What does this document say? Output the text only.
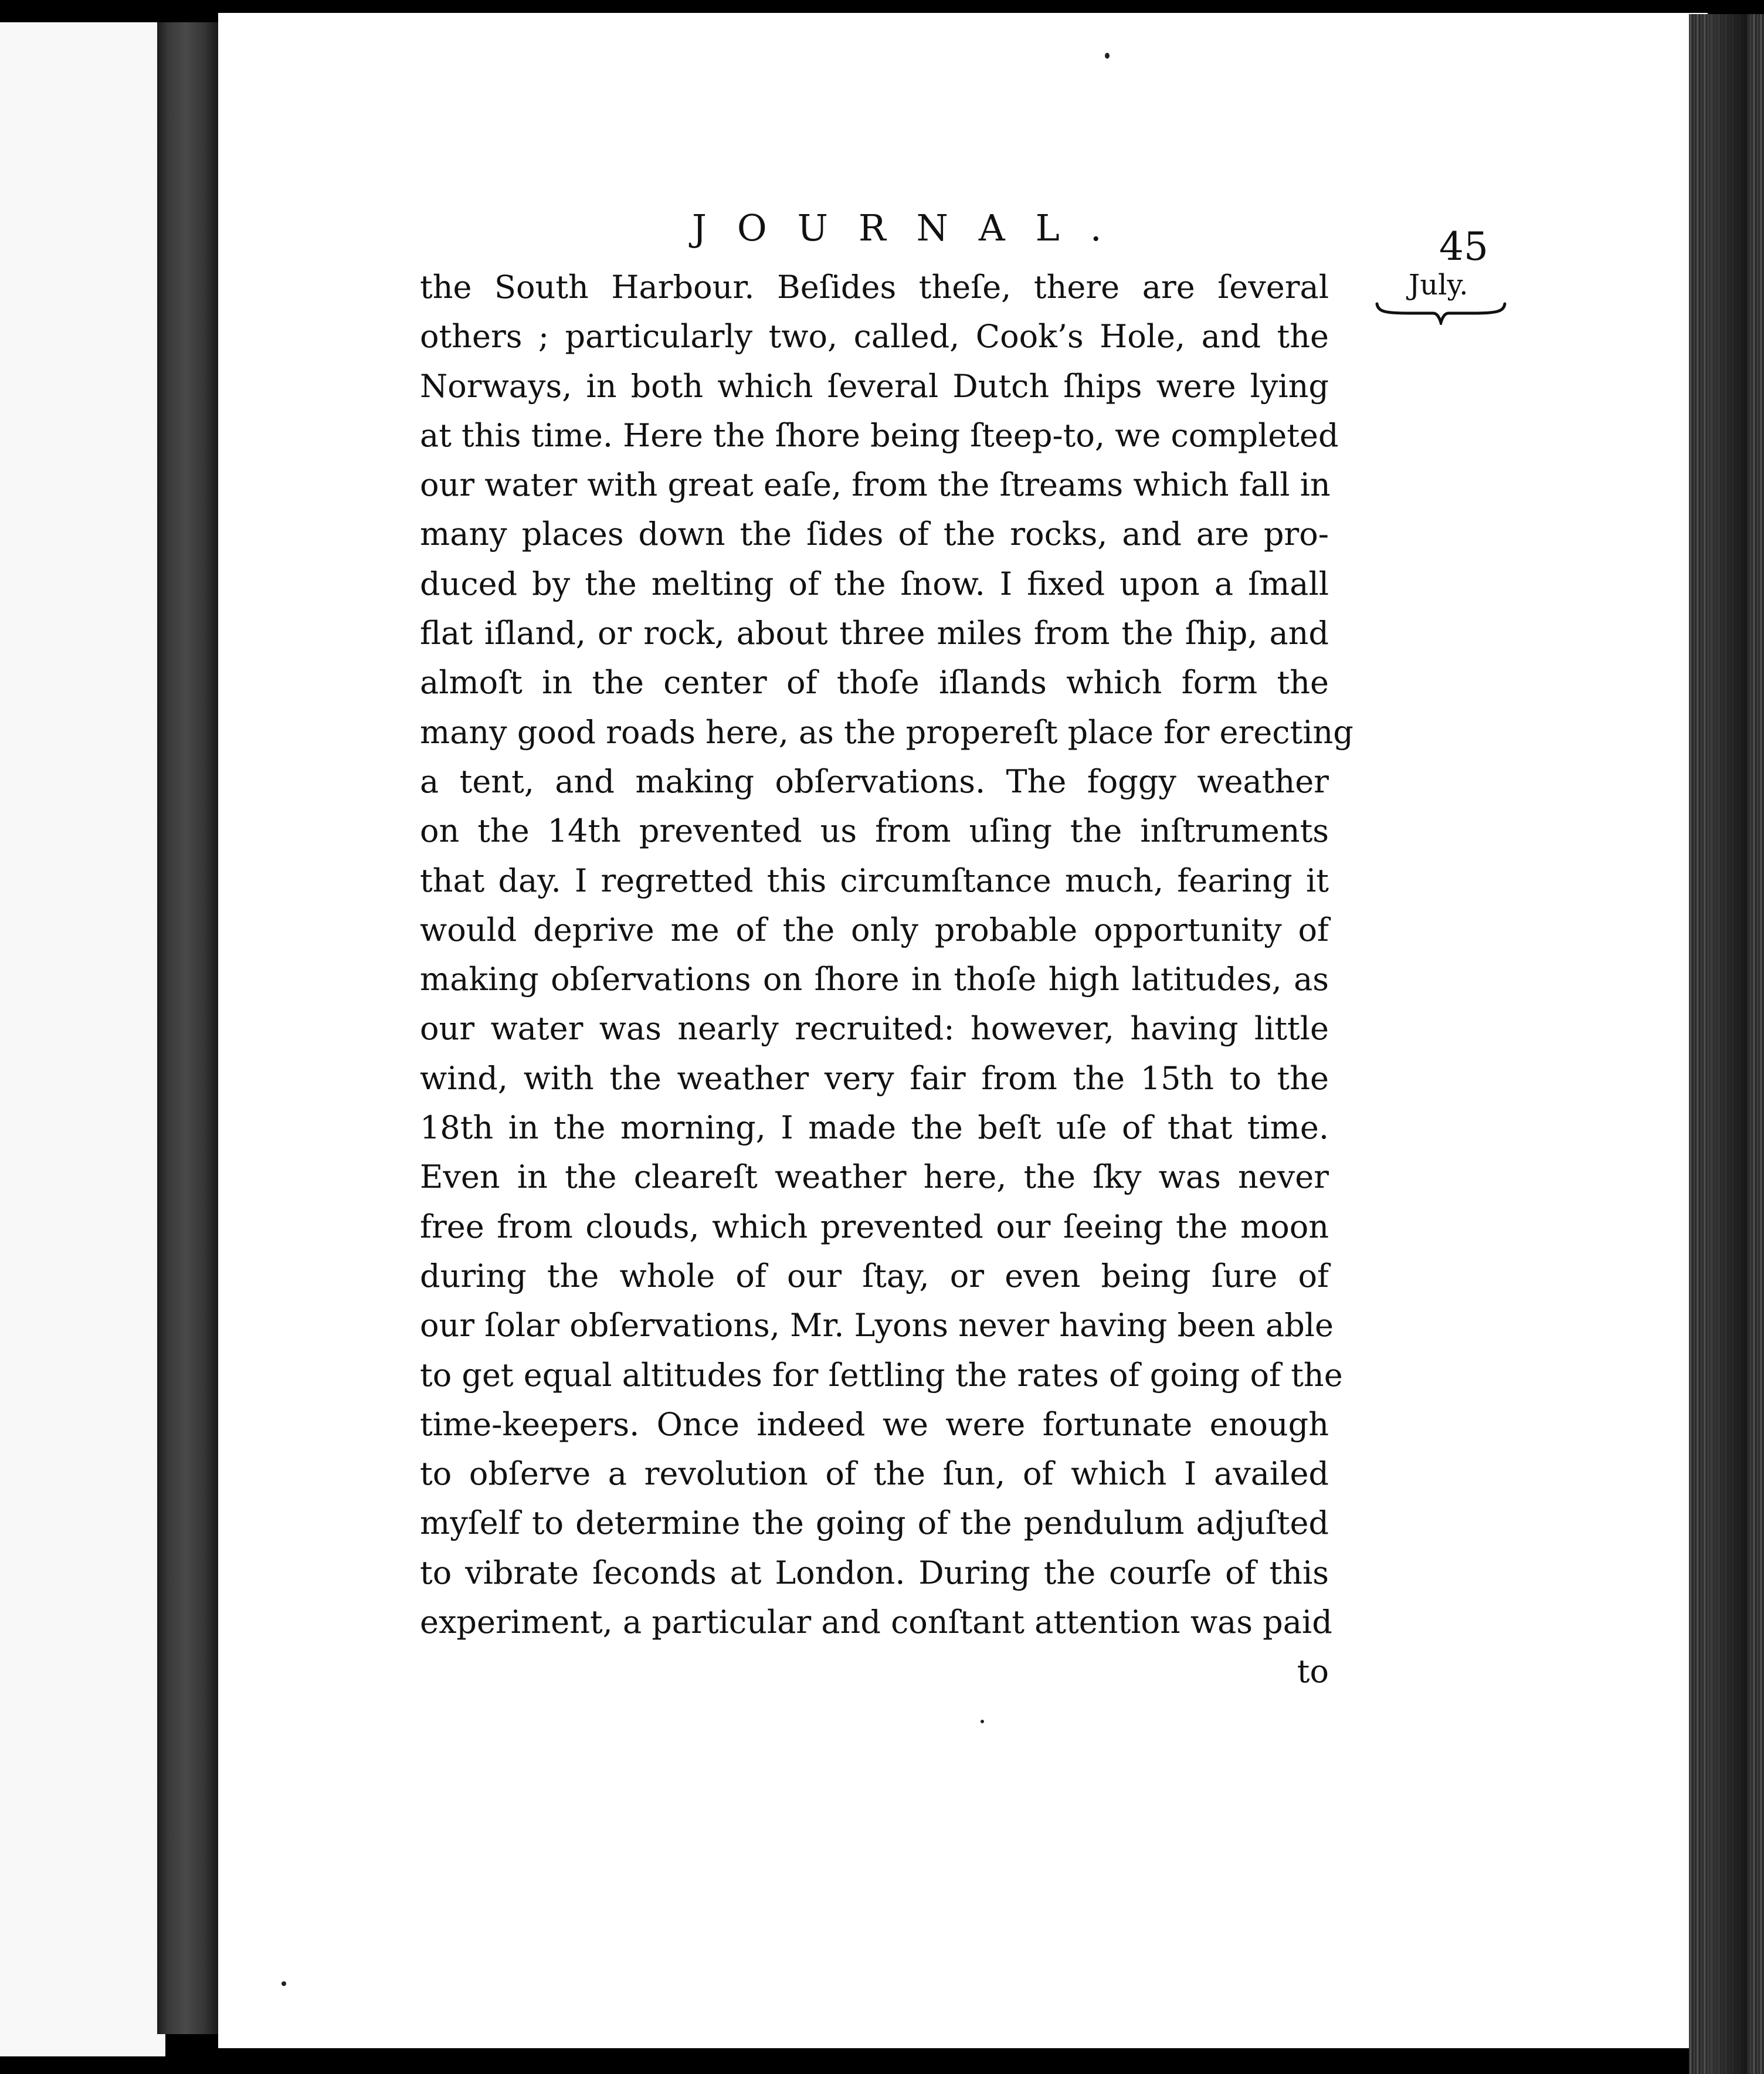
JOURNAL.	45
July.
the South Harbour. Beſides theſe, there are ſeveral
others ; particularly two, called, Cook’s Hole, and the
Norways, in both which ſeveral Dutch ſhips were lying
at this time. Here the ſhore being ſteep-to, we completed
our water with great eaſe, from the ſtreams which fall in
many places down the ſides of the rocks, and are pro-
duced by the melting of the ſnow. I fixed upon a ſmall
flat iſland, or rock, about three miles from the ſhip, and
almoſt in the center of thoſe iſlands which form the
many good roads here, as the propereſt place for erecting
a tent, and making obſervations. The foggy weather
on the 14th prevented us from uſing the inſtruments
that day. I regretted this circumſtance much, fearing it
would deprive me of the only probable opportunity of
making obſervations on ſhore in thoſe high latitudes, as
our water was nearly recruited: however, having little
wind, with the weather very fair from the 15th to the
18th in the morning, I made the beſt uſe of that time.
Even in the cleareſt weather here, the ſky was never
free from clouds, which prevented our ſeeing the moon
during the whole of our ſtay, or even being ſure of
our ſolar obſervations, Mr. Lyons never having been able
to get equal altitudes for ſettling the rates of going of the
time-keepers. Once indeed we were fortunate enough
to obſerve a revolution of the ſun, of which I availed
myſelf to determine the going of the pendulum adjuſted
to vibrate ſeconds at London. During the courſe of this
experiment, a particular and conſtant attention was paid
to
